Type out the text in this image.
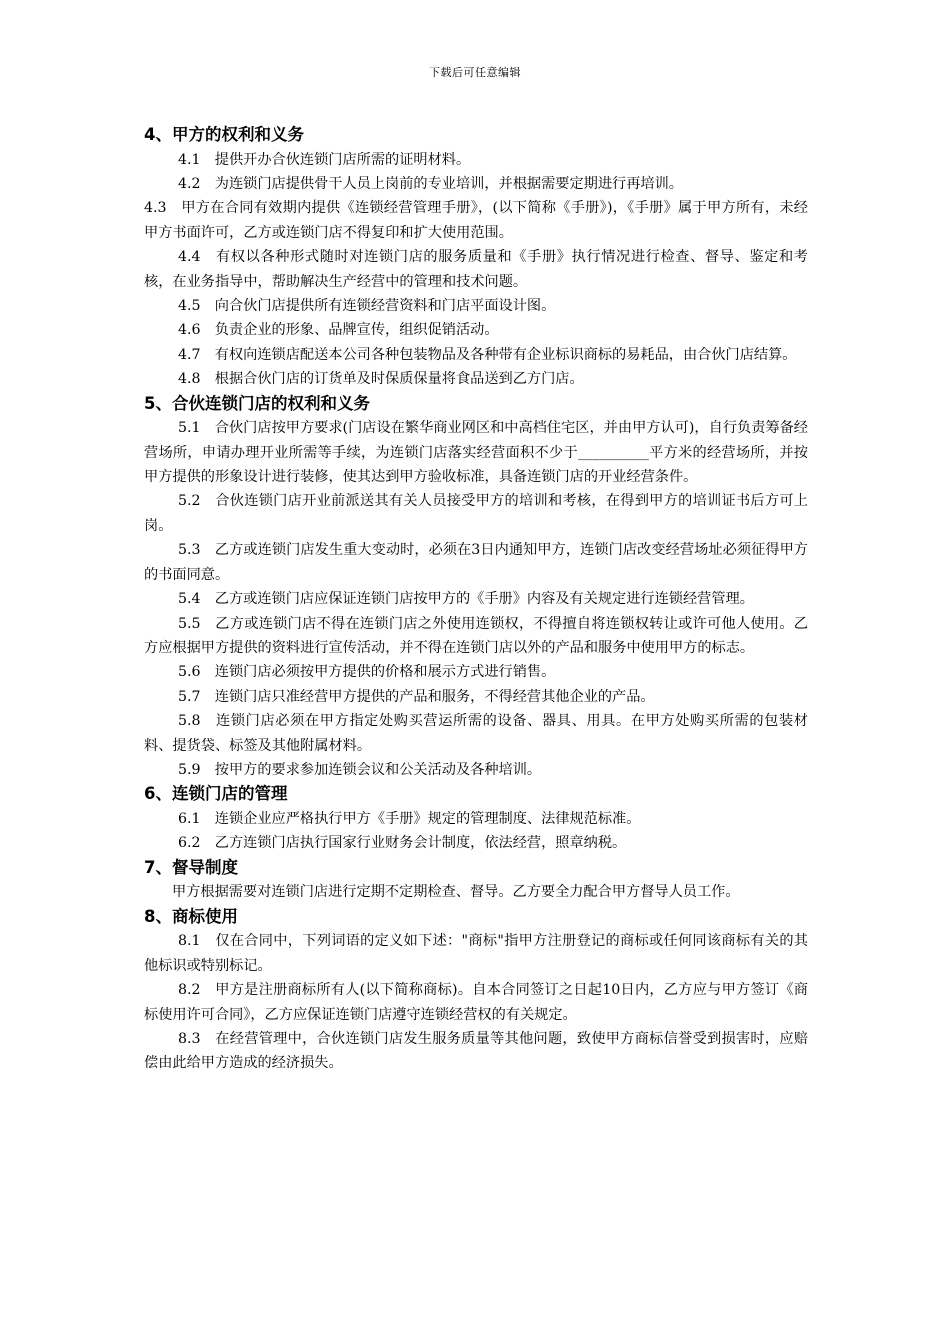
下载后可任意编辑
4、甲方的权利和义务
4.1　提供开办合伙连锁门店所需的证明材料。
4.2　为连锁门店提供骨干人员上岗前的专业培训，并根据需要定期进行再培训。
4.3　甲方在合同有效期内提供《连锁经营管理手册》，(以下简称《手册》)，《手册》属于甲方所有，未经甲方书面许可，乙方或连锁门店不得复印和扩大使用范围。
4.4　有权以各种形式随时对连锁门店的服务质量和《手册》执行情况进行检查、督导、鉴定和考核，在业务指导中，帮助解决生产经营中的管理和技术问题。
4.5　向合伙门店提供所有连锁经营资料和门店平面设计图。
4.6　负责企业的形象、品牌宣传，组织促销活动。
4.7　有权向连锁店配送本公司各种包装物品及各种带有企业标识商标的易耗品，由合伙门店结算。
4.8　根据合伙门店的订货单及时保质保量将食品送到乙方门店。
5、合伙连锁门店的权利和义务
5.1　合伙门店按甲方要求(门店设在繁华商业网区和中高档住宅区，并由甲方认可)，自行负责筹备经营场所，申请办理开业所需等手续，为连锁门店落实经营面积不少于__________平方米的经营场所，并按甲方提供的形象设计进行装修，使其达到甲方验收标准，具备连锁门店的开业经营条件。
5.2　合伙连锁门店开业前派送其有关人员接受甲方的培训和考核，在得到甲方的培训证书后方可上岗。
5.3　乙方或连锁门店发生重大变动时，必须在3日内通知甲方，连锁门店改变经营场址必须征得甲方的书面同意。
5.4　乙方或连锁门店应保证连锁门店按甲方的《手册》内容及有关规定进行连锁经营管理。
5.5　乙方或连锁门店不得在连锁门店之外使用连锁权，不得擅自将连锁权转让或许可他人使用。乙方应根据甲方提供的资料进行宣传活动，并不得在连锁门店以外的产品和服务中使用甲方的标志。
5.6　连锁门店必须按甲方提供的价格和展示方式进行销售。
5.7　连锁门店只准经营甲方提供的产品和服务，不得经营其他企业的产品。
5.8　连锁门店必须在甲方指定处购买营运所需的设备、器具、用具。在甲方处购买所需的包装材料、提货袋、标签及其他附属材料。
5.9　按甲方的要求参加连锁会议和公关活动及各种培训。
6、连锁门店的管理
6.1　连锁企业应严格执行甲方《手册》规定的管理制度、法律规范标准。
6.2　乙方连锁门店执行国家行业财务会计制度，依法经营，照章纳税。
7、督导制度
甲方根据需要对连锁门店进行定期不定期检查、督导。乙方要全力配合甲方督导人员工作。
8、商标使用
8.1　仅在合同中，下列词语的定义如下述："商标"指甲方注册登记的商标或任何同该商标有关的其他标识或特别标记。
8.2　甲方是注册商标所有人(以下简称商标)。自本合同签订之日起10日内，乙方应与甲方签订《商标使用许可合同》，乙方应保证连锁门店遵守连锁经营权的有关规定。
8.3　在经营管理中，合伙连锁门店发生服务质量等其他问题，致使甲方商标信誉受到损害时，应赔偿由此给甲方造成的经济损失。
